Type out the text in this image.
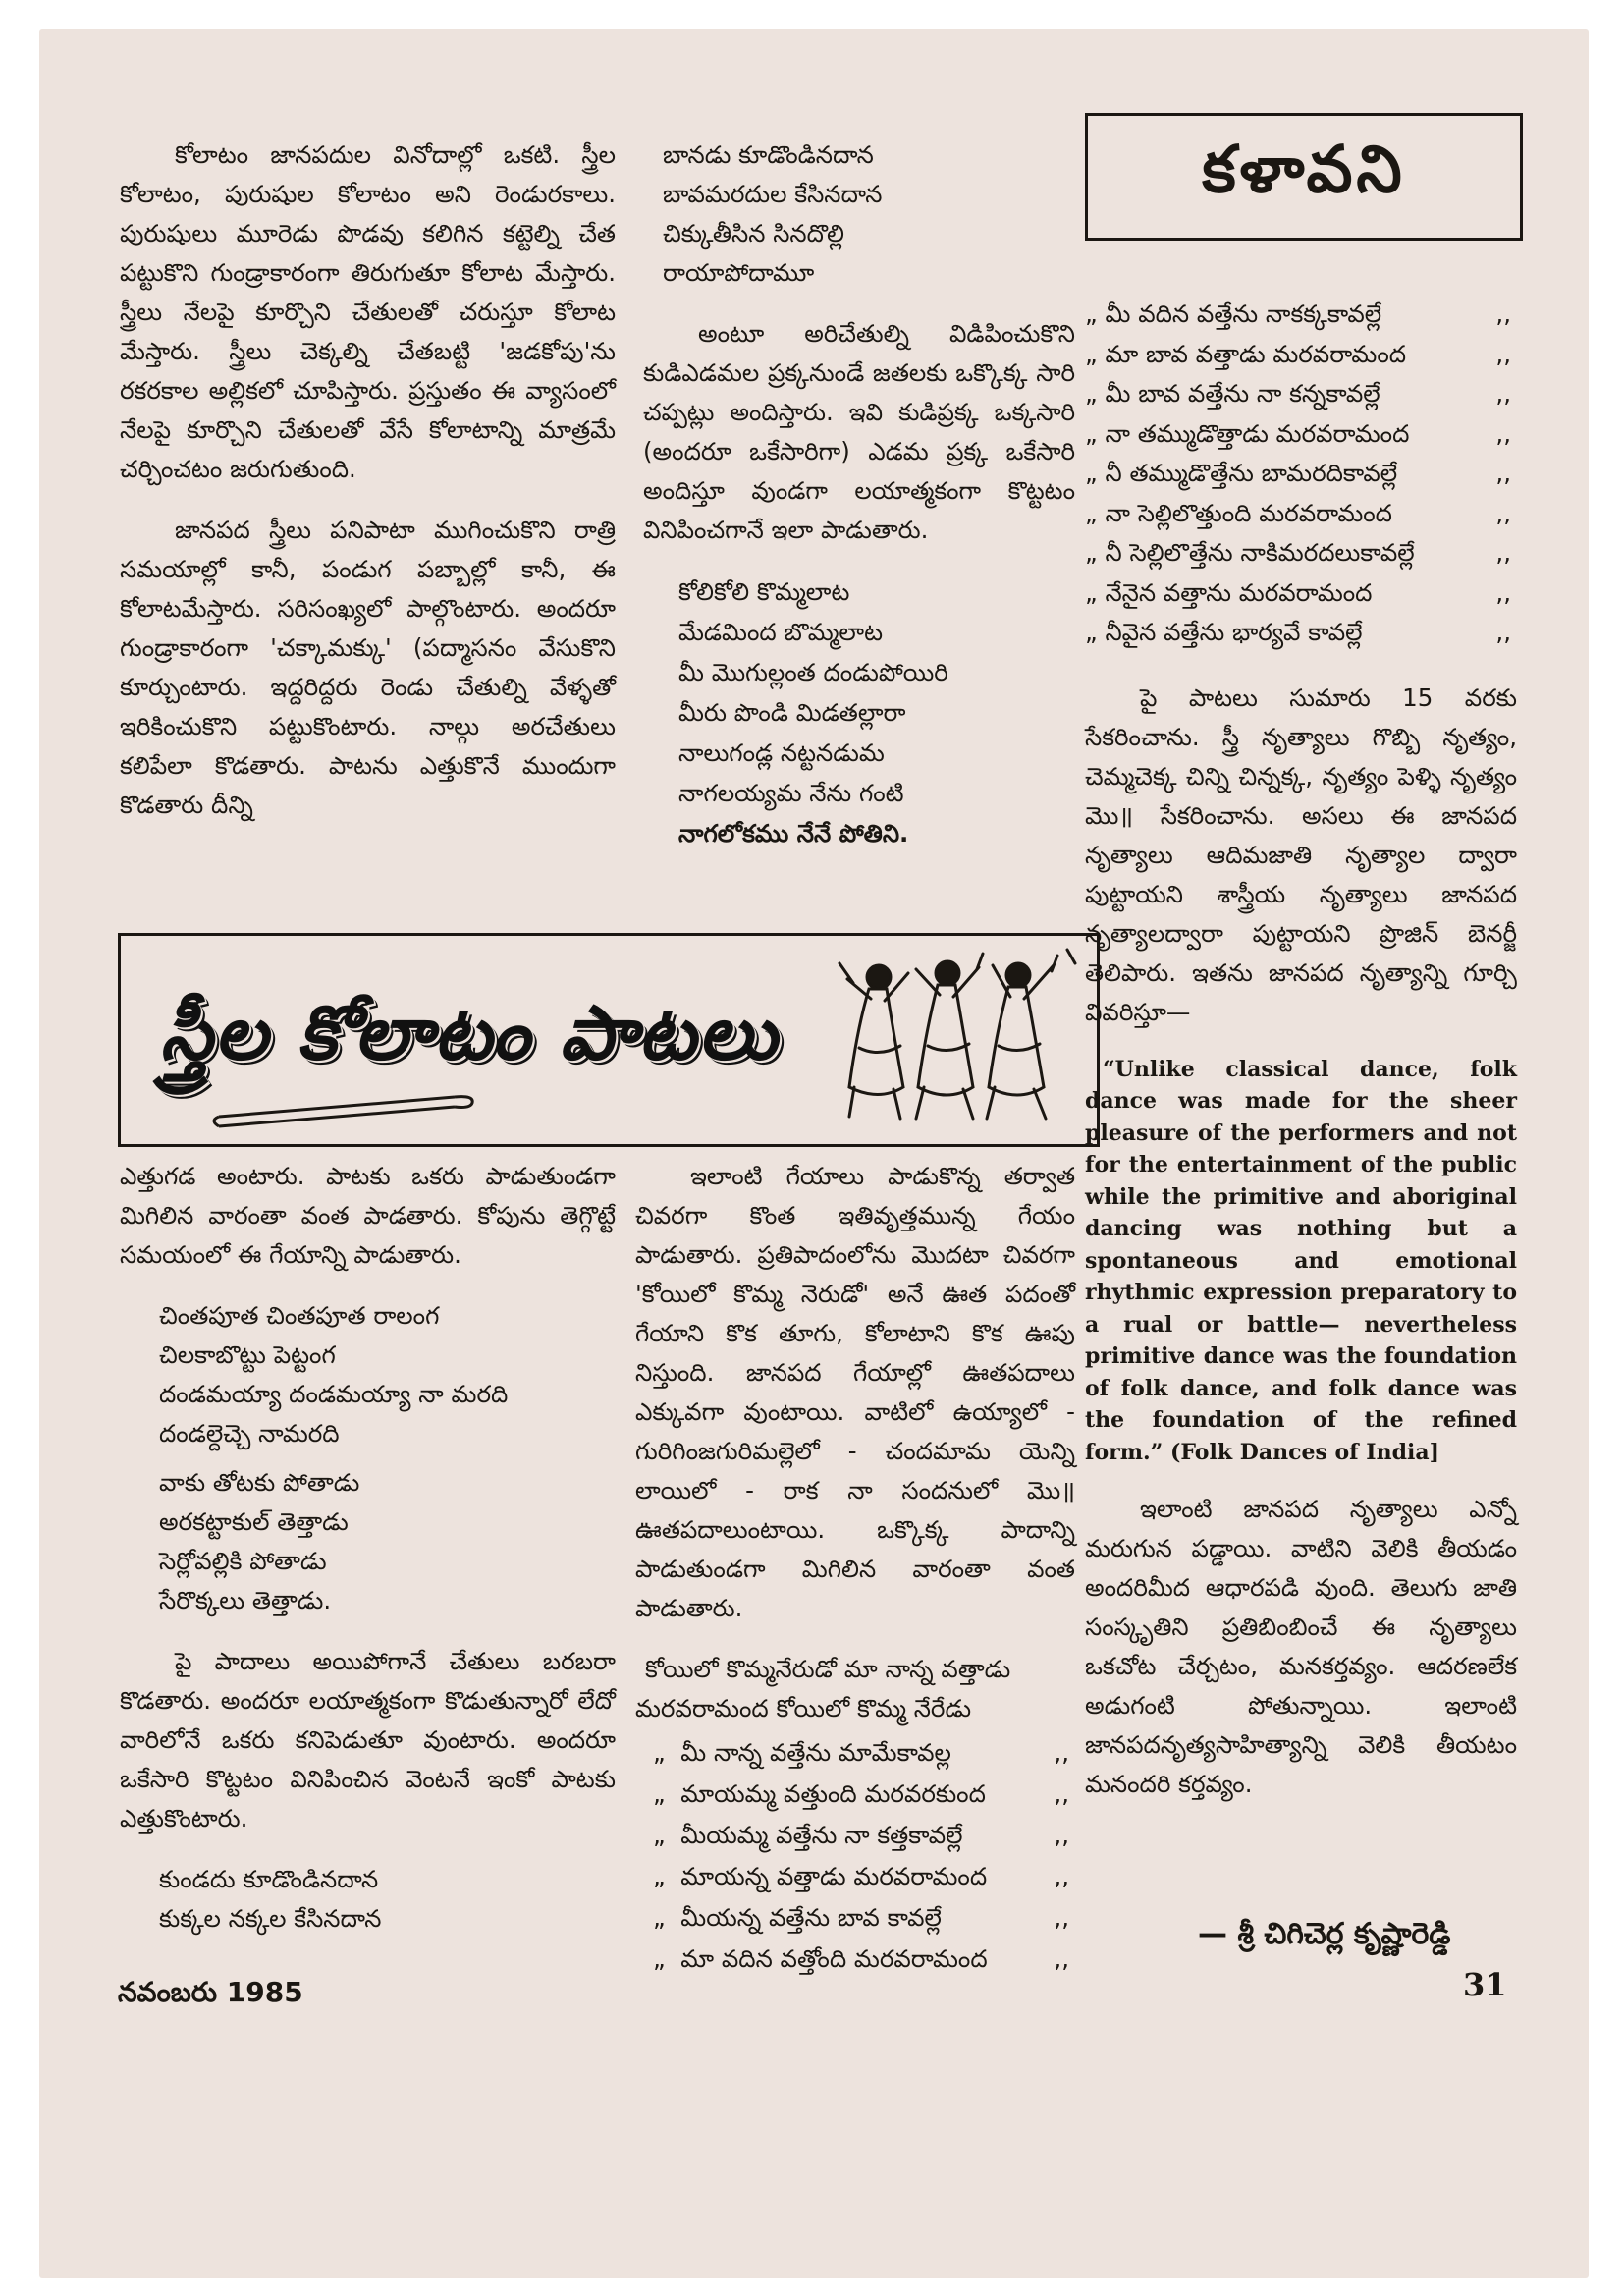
కోలాటం జానపదుల వినోదాల్లో ఒకటి. స్త్రీల కోలాటం, పురుషుల కోలాటం అని రెండురకాలు. పురుషులు మూరెడు పొడవు కలిగిన కట్టెల్ని చేత పట్టుకొని గుండ్రాకారంగా తిరుగుతూ కోలాట మేస్తారు. స్త్రీలు నేలపై కూర్చొని చేతులతో చరుస్తూ కోలాట మేస్తారు. స్త్రీలు చెక్కల్ని చేతబట్టి 'జడకోపు'ను రకరకాల అల్లికలో చూపిస్తారు. ప్రస్తుతం ఈ వ్యాసంలో నేలపై కూర్చొని చేతులతో వేసే కోలాటాన్ని మాత్రమే చర్చించటం జరుగుతుంది.

జానపద స్త్రీలు పనిపాటా ముగించుకొని రాత్రి సమయాల్లో కానీ, పండుగ పబ్బాల్లో కానీ, ఈ కోలాటమేస్తారు. సరిసంఖ్యలో పాల్గొంటారు. అందరూ గుండ్రాకారంగా 'చక్కామక్కు' (పద్మాసనం వేసుకొని కూర్చుంటారు. ఇద్దరిద్దరు రెండు చేతుల్ని వేళ్ళతో ఇరికించుకొని పట్టుకొంటారు. నాల్గు అరచేతులు కలిపేలా కొడతారు. పాటను ఎత్తుకొనే ముందుగా కొడతారు దీన్ని

బానడు కూడొండినదాన
బావమరదుల కేసినదాన
చిక్కుతీసిన సినదొల్లి
రాయాపోదామూ

అంటూ అరిచేతుల్ని విడిపించుకొని కుడిఎడమల ప్రక్కనుండే జతలకు ఒక్కొక్క సారి చప్పట్లు అందిస్తారు. ఇవి కుడిప్రక్క ఒక్కసారి (అందరూ ఒకేసారిగా) ఎడమ ప్రక్క ఒకేసారి అందిస్తూ వుండగా లయాత్మకంగా కొట్టటం వినిపించగానే ఇలా పాడుతారు.

కోలికోలి కొమ్మలాట
మేడమింద బొమ్మలాట
మీ మొగుల్లంత దండుపోయిరి
మీరు పొండి మిడతల్లారా
నాలుగండ్ల నట్టనడుమ
నాగలయ్యమ నేను గంటి
నాగలోకము నేనే పోతిని.
కళావని
„ మీ వదిన వత్తేను నాకక్కకావల్లే	,,
„ మా బావ వత్తాడు మరవరామంద	,,
„ మీ బావ వత్తేను నా కన్నకావల్లే	,,
„ నా తమ్ముడొత్తాడు మరవరామంద	,,
„ నీ తమ్ముడొత్తేను బామరదికావల్లే	,,
„ నా సెల్లిలొత్తుంది మరవరామంద	,,
„ నీ సెల్లిలొత్తేను నాకిమరదలుకావల్లే	,,
„ నేనైన వత్తాను మరవరామంద	,,
„ నీవైన వత్తేను భార్యవే కావల్లే	,,

పై పాటలు సుమారు 15 వరకు సేకరించాను. స్త్రీ నృత్యాలు గొబ్బి నృత్యం, చెమ్మచెక్క చిన్ని చిన్నక్క, నృత్యం పెళ్ళి నృత్యం మొ॥ సేకరించాను. అసలు ఈ జానపద నృత్యాలు ఆదిమజాతి నృత్యాల ద్వారా పుట్టాయని శాస్త్రీయ నృత్యాలు జానపద నృత్యాలద్వారా పుట్టాయని ప్రొజిన్ బెనర్జీ తెలిపారు. ఇతను జానపద నృత్యాన్ని గూర్చి వివరిస్తూ—

“Unlike classical dance, folk dance was made for the sheer pleasure of the performers and not for the entertainment of the public while the primitive and aboriginal dancing was nothing but a spontaneous and emotional rhythmic expression preparatory to a rual or battle— nevertheless primitive dance was the foundation of folk dance, and folk dance was the foundation of the refined form.” (Folk Dances of India]

ఇలాంటి జానపద నృత్యాలు ఎన్నో మరుగున పడ్డాయి. వాటిని వెలికి తీయడం అందరిమీద ఆధారపడి వుంది. తెలుగు జాతి సంస్కృతిని ప్రతిబింబించే ఈ నృత్యాలు ఒకచోట చేర్చటం, మనకర్తవ్యం. ఆదరణలేక అడుగంటి పోతున్నాయి. ఇలాంటి జానపదనృత్యసాహిత్యాన్ని వెలికి తీయటం మనందరి కర్తవ్యం.

స్త్రీల కోలాటం పాటలు

ఎత్తుగడ అంటారు. పాటకు ఒకరు పాడుతుండగా మిగిలిన వారంతా వంత పాడతారు. కోపును తెగ్గొట్టే సమయంలో ఈ గేయాన్ని పాడుతారు.

చింతపూత చింతపూత రాలంగ
చిలకాబొట్టు పెట్టంగ
దండమయ్యా దండమయ్యా నా మరది
దండల్దెచ్చె నామరది
వాకు తోటకు పోతాడు
అరకట్టాకుల్ తెత్తాడు
సెర్లోవల్లికి పోతాడు
సేరొక్కలు తెత్తాడు.

పై పాదాలు అయిపోగానే చేతులు బరబరా కొడతారు. అందరూ లయాత్మకంగా కొడుతున్నారో లేదో వారిలోనే ఒకరు కనిపెడుతూ వుంటారు. అందరూ ఒకేసారి కొట్టటం వినిపించిన వెంటనే ఇంకో పాటకు ఎత్తుకొంటారు.

కుండదు కూడొండినదాన
కుక్కల నక్కల కేసినదాన

ఇలాంటి గేయాలు పాడుకొన్న తర్వాత చివరగా కొంత ఇతివృత్తమున్న గేయం పాడుతారు. ప్రతిపాదంలోను మొదటా చివరగా 'కోయిలో కొమ్మ నెరుడో' అనే ఊత పదంతో గేయాని కొక తూగు, కోలాటాని కొక ఊపు నిస్తుంది. జానపద గేయాల్లో ఊతపదాలు ఎక్కువగా వుంటాయి. వాటిలో ఉయ్యాలో - గురిగింజగురిమల్లెలో - చందమామ యెన్ని లాయిలో - రాక నా సందనులో మొ॥ ఊతపదాలుంటాయి. ఒక్కొక్క పాదాన్ని పాడుతుండగా మిగిలిన వారంతా వంత పాడుతారు.

కోయిలో కొమ్మనేరుడో మా నాన్న వత్తాడు
మరవరామంద కోయిలో కొమ్మ నేరేడు
„  మీ నాన్న వత్తేను మామేకావల్ల	,,
„  మాయమ్మ వత్తుంది మరవరకుంద	,,
„  మీయమ్మ వత్తేను నా కత్తకావల్లే	,,
„  మాయన్న వత్తాడు మరవరామంద	,,
„  మీయన్న వత్తేను బావ కావల్లే	,,
„  మా వదిన వత్తోంది మరవరామంద	,,
— శ్రీ చిగిచెర్ల కృష్ణారెడ్డి
నవంబరు 1985	31
